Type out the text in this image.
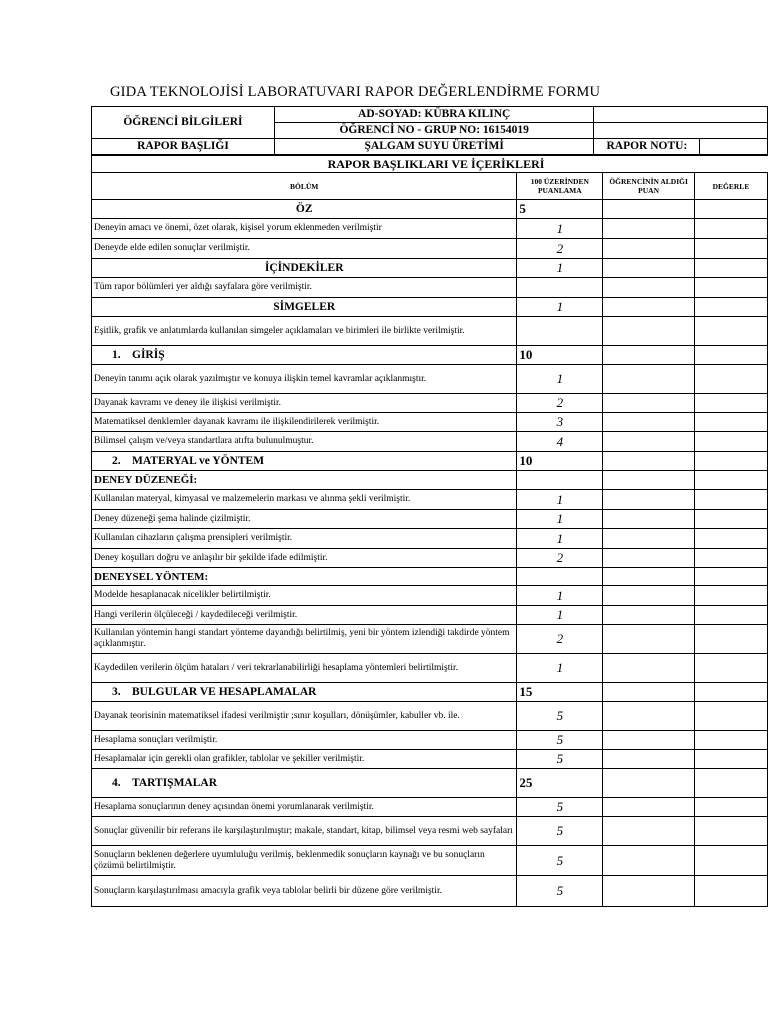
GIDA TEKNOLOJİSİ LABORATUVARI RAPOR DEĞERLENDİRME FORMU
ÖĞRENCİ BİLGİLERİ	AD-SOYAD: KÜBRA KILINÇ		
	ÖĞRENCİ NO - GRUP NO: 16154019		
RAPOR BAŞLIĞI	ŞALGAM SUYU ÜRETİMİ	RAPOR NOTU:	
RAPOR BAŞLIKLARI VE İÇERİKLERİ
BÖLÜM	100 ÜZERİNDEN PUANLAMA	ÖĞRENCİNİN ALDIĞI PUAN	DEĞERLE
ÖZ	5		
Deneyin amacı ve önemi, özet olarak, kişisel yorum eklenmeden verilmiştir	1		
Deneyde elde edilen sonuçlar verilmiştir.	2		
İÇİNDEKİLER	1		
Tüm rapor bölümleri yer aldığı sayfalara göre verilmiştir.			
SİMGELER	1		
Eşitlik, grafik ve anlatımlarda kullanılan simgeler açıklamaları ve birimleri ile birlikte verilmiştir.			
1. GİRİŞ	10		
Deneyin tanımı açık olarak yazılmıştır ve konuya ilişkin temel kavramlar açıklanmıştır.	1		
Dayanak kavramı ve deney ile ilişkisi verilmiştir.	2		
Matematiksel denklemler dayanak kavramı ile ilişkilendirilerek verilmiştir.	3		
Bilimsel çalışm ve/veya standartlara atıfta bulunulmuştur.	4		
2. MATERYAL ve YÖNTEM	10		
DENEY DÜZENEĞİ:			
Kullanılan materyal, kimyasal ve malzemelerin markası ve alınma şekli verilmiştir.	1		
Deney düzeneği şema halinde çizilmiştir.	1		
Kullanılan cihazların çalışma prensipleri verilmiştir.	1		
Deney koşulları doğru ve anlaşılır bir şekilde ifade edilmiştir.	2		
DENEYSEL YÖNTEM:			
Modelde hesaplanacak nicelikler belirtilmiştir.	1		
Hangi verilerin ölçüleceği / kaydedileceği verilmiştir.	1		
Kullanılan yöntemin hangi standart yönteme dayandığı belirtilmiş, yeni bir yöntem izlendiği takdirde yöntem açıklanmıştır.	2		
Kaydedilen verilerin ölçüm hataları / veri tekrarlanabilirliği hesaplama yöntemleri belirtilmiştir.	1		
3. BULGULAR VE HESAPLAMALAR	15		
Dayanak teorisinin matematiksel ifadesi verilmiştir ;sınır koşulları, dönüşümler, kabuller vb. ile.	5		
Hesaplama sonuçları verilmiştir.	5		
Hesaplamalar için gerekli olan grafikler, tablolar ve şekiller verilmiştir.	5		
4. TARTIŞMALAR	25		
Hesaplama sonuçlarının deney açısından önemi yorumlanarak verilmiştir.	5		
Sonuçlar güvenilir bir referans ile karşılaştırılmıştır; makale, standart, kitap, bilimsel veya resmi web sayfaları	5		
Sonuçların beklenen değerlere uyumluluğu verilmiş, beklenmedik sonuçların kaynağı ve bu sonuçların çözümü belirtilmiştir.	5		
Sonuçların karşılaştırılması amacıyla grafik veya tablolar belirli bir düzene göre verilmiştir.	5		
